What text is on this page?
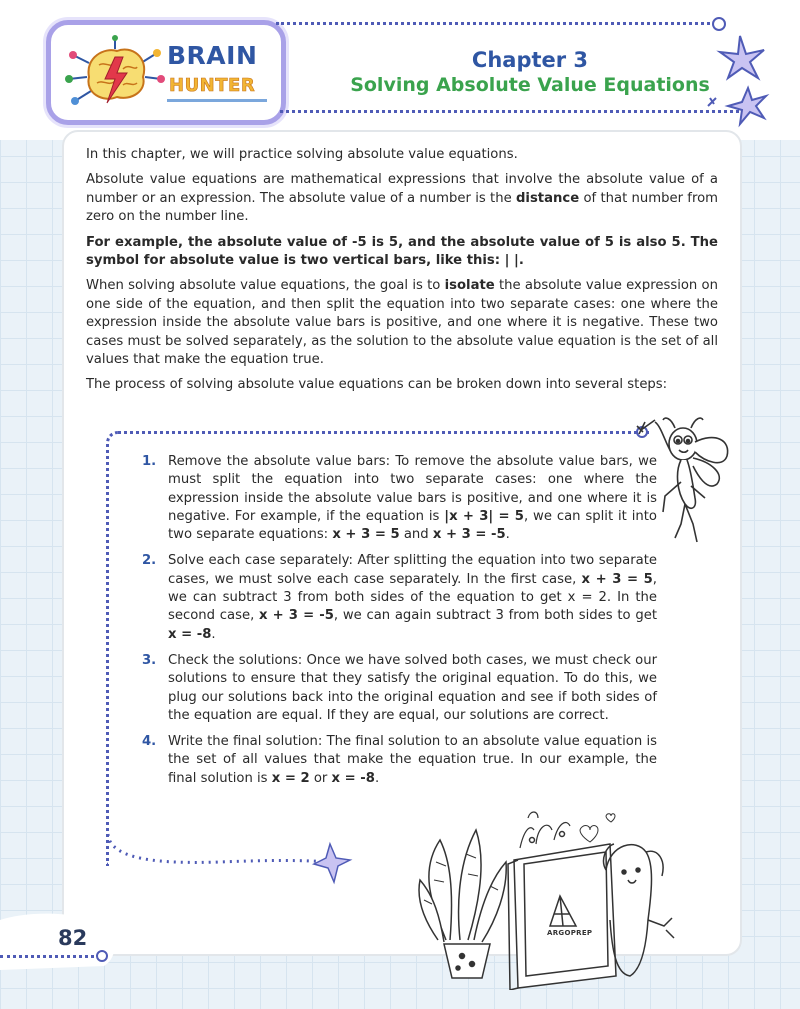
BRAIN
HUNTER
Chapter 3
Solving Absolute Value Equations

In this chapter, we will practice solving absolute value equations.

Absolute value equations are mathematical expressions that involve the absolute value of a number or an expression. The absolute value of a number is the distance of that number from zero on the number line.

For example, the absolute value of -5 is 5, and the absolute value of 5 is also 5. The symbol for absolute value is two vertical bars, like this: | |.

When solving absolute value equations, the goal is to isolate the absolute value expression on one side of the equation, and then split the equation into two separate cases: one where the expression inside the absolute value bars is positive, and one where it is negative. These two cases must be solved separately, as the solution to the absolute value equation is the set of all values that make the equation true.

The process of solving absolute value equations can be broken down into several steps:

1. Remove the absolute value bars: To remove the absolute value bars, we must split the equation into two separate cases: one where the expression inside the absolute value bars is positive, and one where it is negative. For example, if the equation is |x + 3| = 5, we can split it into two separate equations: x + 3 = 5 and x + 3 = -5.
2. Solve each case separately: After splitting the equation into two separate cases, we must solve each case separately. In the first case, x + 3 = 5, we can subtract 3 from both sides of the equation to get x = 2. In the second case, x + 3 = -5, we can again subtract 3 from both sides to get x = -8.
3. Check the solutions: Once we have solved both cases, we must check our solutions to ensure that they satisfy the original equation. To do this, we plug our solutions back into the original equation and see if both sides of the equation are equal. If they are equal, our solutions are correct.
4. Write the final solution: The final solution to an absolute value equation is the set of all values that make the equation true. In our example, the final solution is x = 2 or x = -8.
ARGOPREP
82
